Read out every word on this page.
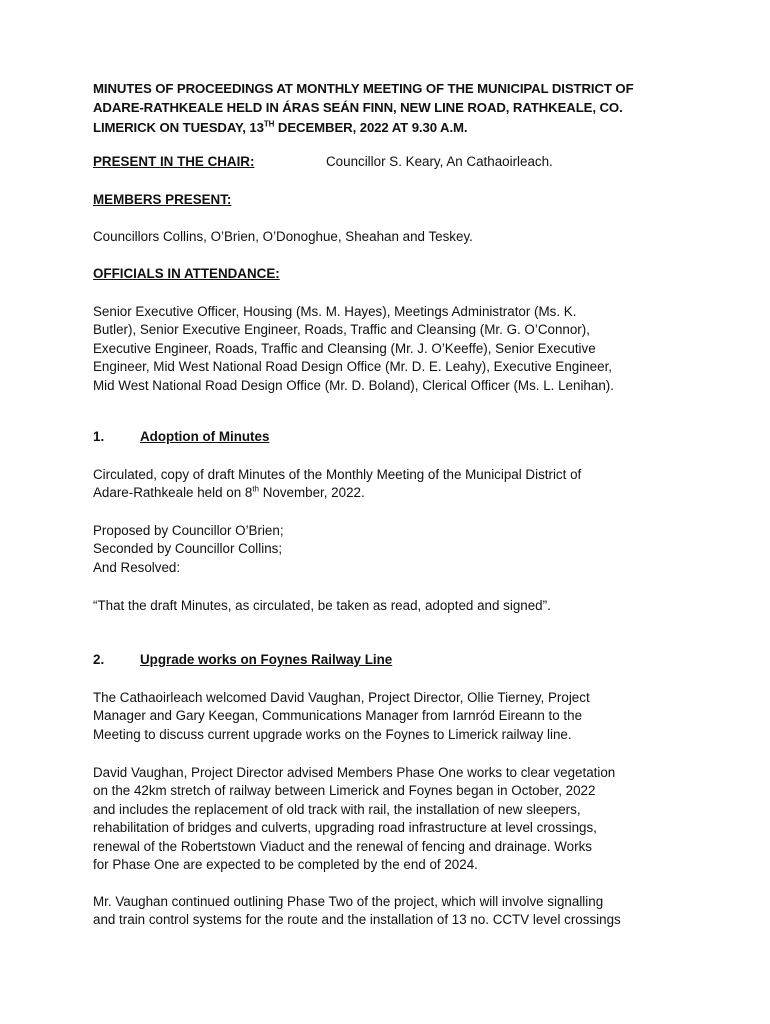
MINUTES OF PROCEEDINGS AT MONTHLY MEETING OF THE MUNICIPAL DISTRICT OF
ADARE-RATHKEALE HELD IN ÁRAS SEÁN FINN, NEW LINE ROAD, RATHKEALE, CO.
LIMERICK ON TUESDAY, 13TH DECEMBER, 2022 AT 9.30 A.M.
PRESENT IN THE CHAIR:	Councillor S. Keary, An Cathaoirleach.
MEMBERS PRESENT:
Councillors Collins, O’Brien, O’Donoghue, Sheahan and Teskey.
OFFICIALS IN ATTENDANCE:
Senior Executive Officer, Housing (Ms. M. Hayes), Meetings Administrator (Ms. K.
Butler), Senior Executive Engineer, Roads, Traffic and Cleansing (Mr. G. O’Connor),
Executive Engineer, Roads, Traffic and Cleansing (Mr. J. O’Keeffe), Senior Executive
Engineer, Mid West National Road Design Office (Mr. D. E. Leahy), Executive Engineer,
Mid West National Road Design Office (Mr. D. Boland), Clerical Officer (Ms. L. Lenihan).
1.	Adoption of Minutes
Circulated, copy of draft Minutes of the Monthly Meeting of the Municipal District of
Adare-Rathkeale held on 8th November, 2022.
Proposed by Councillor O’Brien;
Seconded by Councillor Collins;
And Resolved:
“That the draft Minutes, as circulated, be taken as read, adopted and signed”.
2.	Upgrade works on Foynes Railway Line
The Cathaoirleach welcomed David Vaughan, Project Director, Ollie Tierney, Project
Manager and Gary Keegan, Communications Manager from Iarnród Eireann to the
Meeting to discuss current upgrade works on the Foynes to Limerick railway line.
David Vaughan, Project Director advised Members Phase One works to clear vegetation
on the 42km stretch of railway between Limerick and Foynes began in October, 2022
and includes the replacement of old track with rail, the installation of new sleepers,
rehabilitation of bridges and culverts, upgrading road infrastructure at level crossings,
renewal of the Robertstown Viaduct and the renewal of fencing and drainage. Works
for Phase One are expected to be completed by the end of 2024.
Mr. Vaughan continued outlining Phase Two of the project, which will involve signalling
and train control systems for the route and the installation of 13 no. CCTV level crossings
